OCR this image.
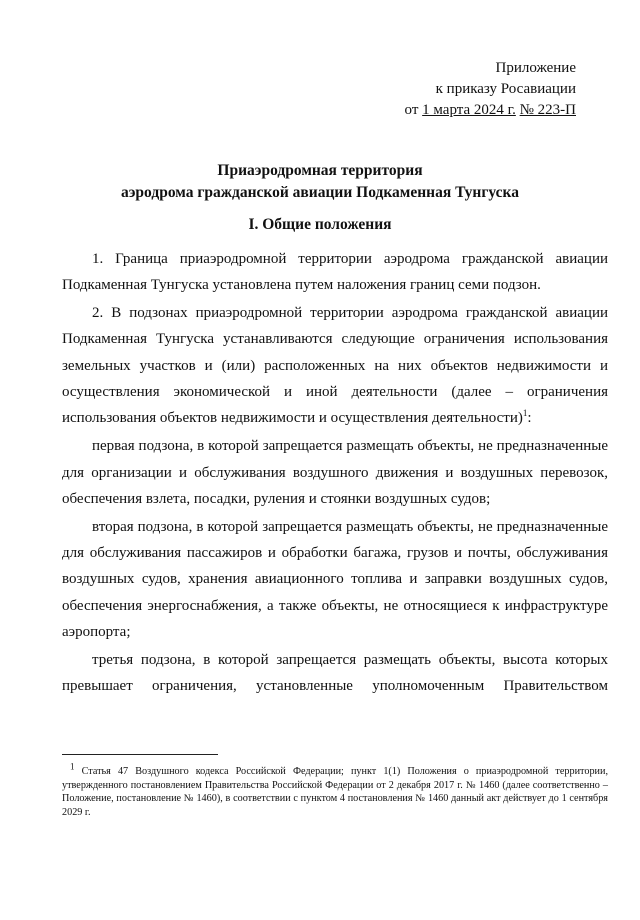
Приложение
к приказу Росавиации
от 1 марта 2024 г. № 223-П
Приаэродромная территория
аэродрома гражданской авиации Подкаменная Тунгуска
I. Общие положения

1. Граница приаэродромной территории аэродрома гражданской авиации Подкаменная Тунгуска установлена путем наложения границ семи подзон.

2. В подзонах приаэродромной территории аэродрома гражданской авиации Подкаменная Тунгуска устанавливаются следующие ограничения использования земельных участков и (или) расположенных на них объектов недвижимости и осуществления экономической и иной деятельности (далее – ограничения использования объектов недвижимости и осуществления деятельности)$^1$:

первая подзона, в которой запрещается размещать объекты, не предназначенные для организации и обслуживания воздушного движения и воздушных перевозок, обеспечения взлета, посадки, руления и стоянки воздушных судов;

вторая подзона, в которой запрещается размещать объекты, не предназначенные для обслуживания пассажиров и обработки багажа, грузов и почты, обслуживания воздушных судов, хранения авиационного топлива и заправки воздушных судов, обеспечения энергоснабжения, а также объекты, не относящиеся к инфраструктуре аэропорта;

третья подзона, в которой запрещается размещать объекты, высота которых превышает ограничения, установленные уполномоченным Правительством

$^1$ Статья 47 Воздушного кодекса Российской Федерации; пункт 1(1) Положения о приаэродромной территории, утвержденного постановлением Правительства Российской Федерации от 2 декабря 2017 г. № 1460 (далее соответственно – Положение, постановление № 1460), в соответствии с пунктом 4 постановления № 1460 данный акт действует до 1 сентября 2029 г.
